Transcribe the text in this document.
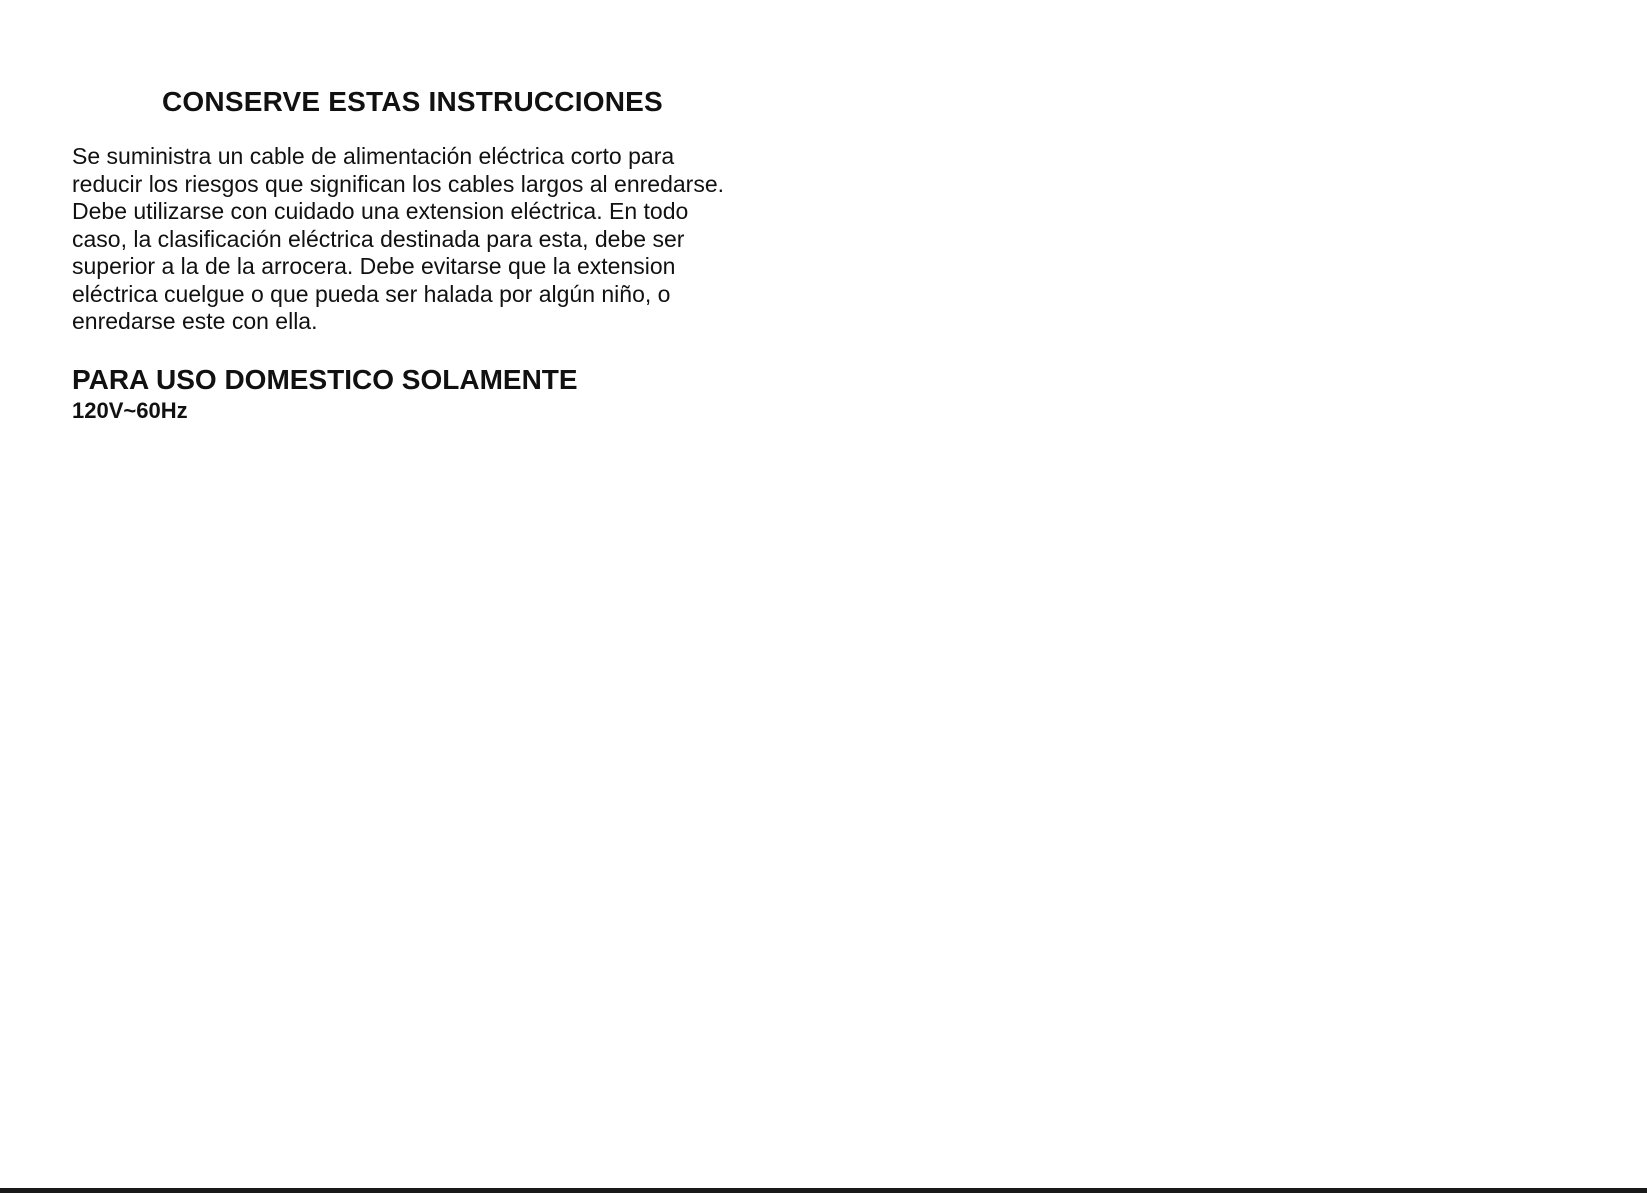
CONSERVE ESTAS INSTRUCCIONES

Se suministra un cable de alimentación eléctrica corto para
reducir los riesgos que significan los cables largos al enredarse.
Debe utilizarse con cuidado una extension eléctrica. En todo
caso, la clasificación eléctrica destinada para esta, debe ser
superior a la de la arrocera. Debe evitarse que la extension
eléctrica cuelgue o que pueda ser halada por algún niño, o
enredarse este con ella.

PARA USO DOMESTICO SOLAMENTE
120V~60Hz
